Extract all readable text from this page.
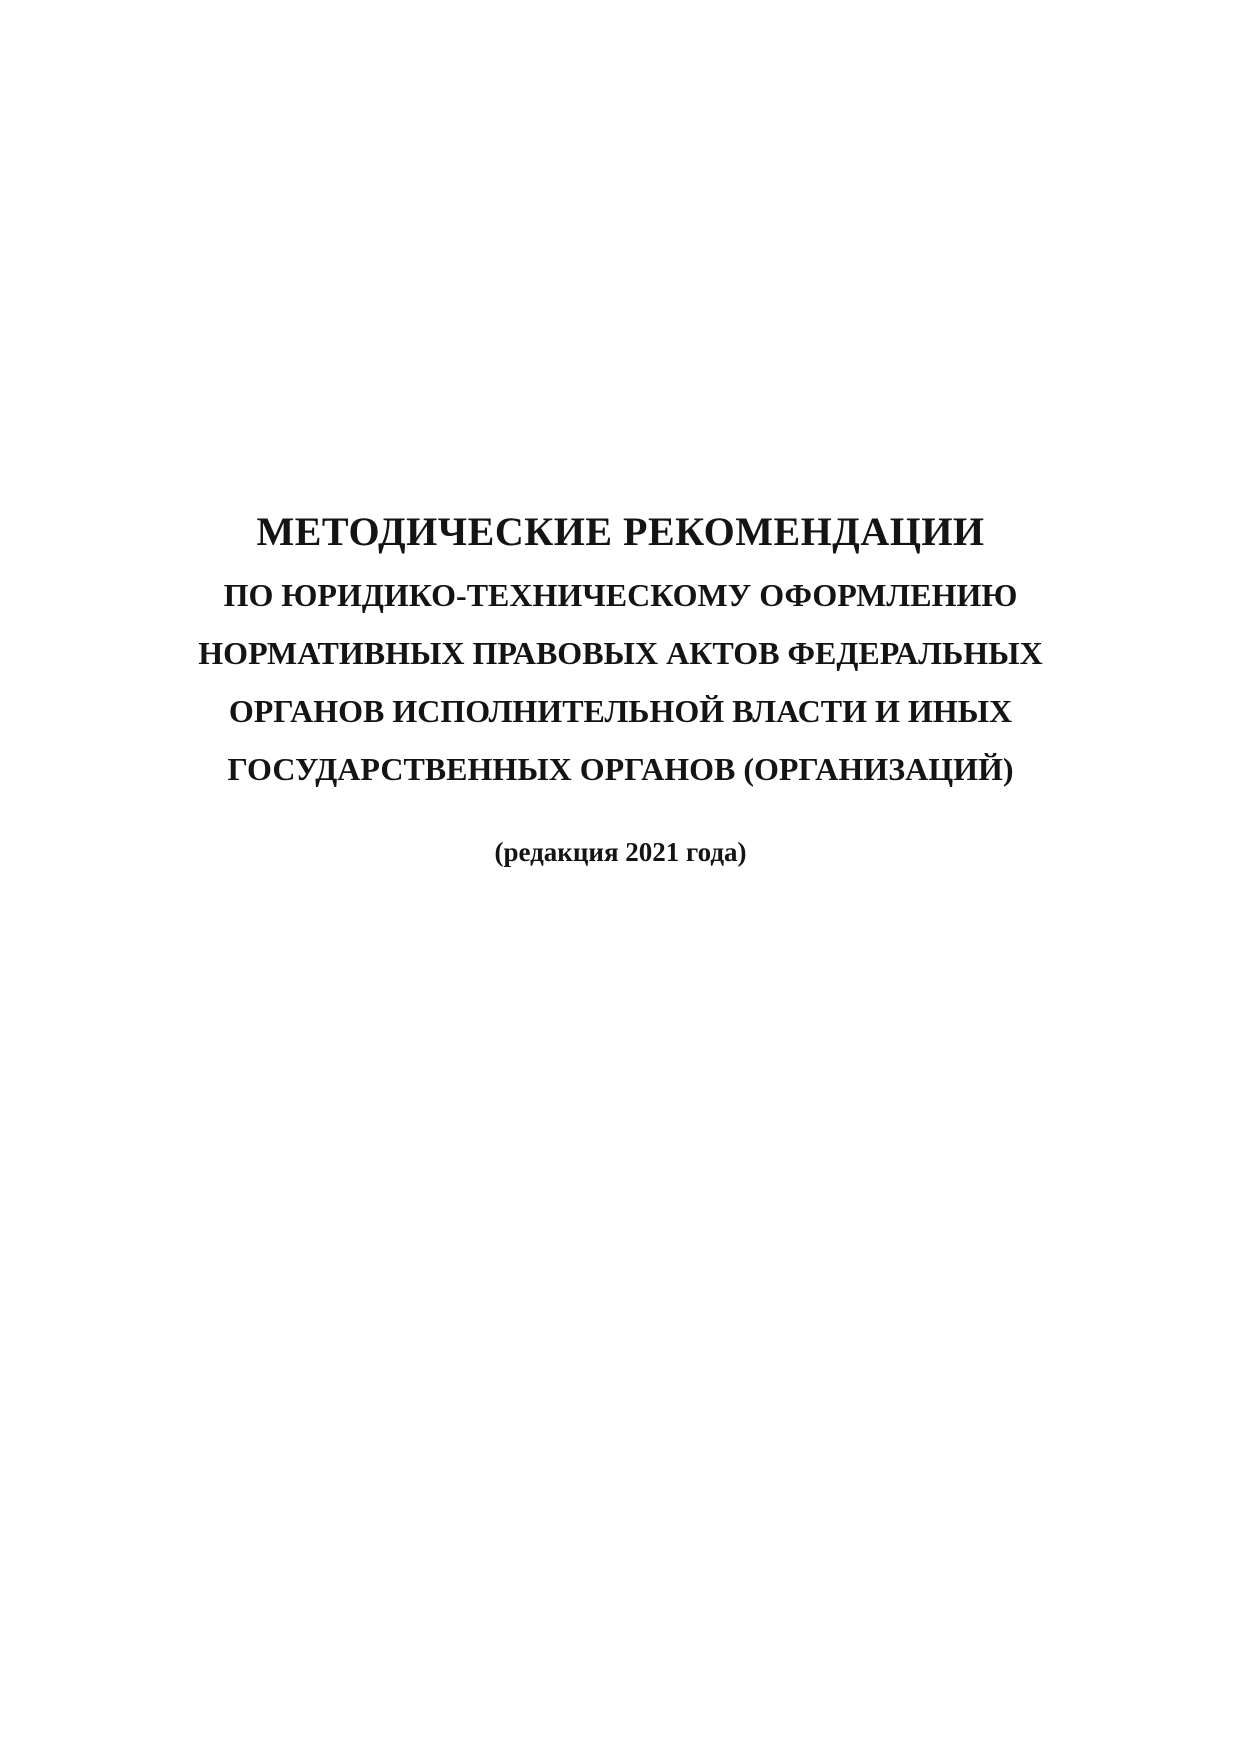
МЕТОДИЧЕСКИЕ РЕКОМЕНДАЦИИ

ПО ЮРИДИКО-ТЕХНИЧЕСКОМУ ОФОРМЛЕНИЮ
НОРМАТИВНЫХ ПРАВОВЫХ АКТОВ ФЕДЕРАЛЬНЫХ
ОРГАНОВ ИСПОЛНИТЕЛЬНОЙ ВЛАСТИ И ИНЫХ
ГОСУДАРСТВЕННЫХ ОРГАНОВ (ОРГАНИЗАЦИЙ)

(редакция 2021 года)
